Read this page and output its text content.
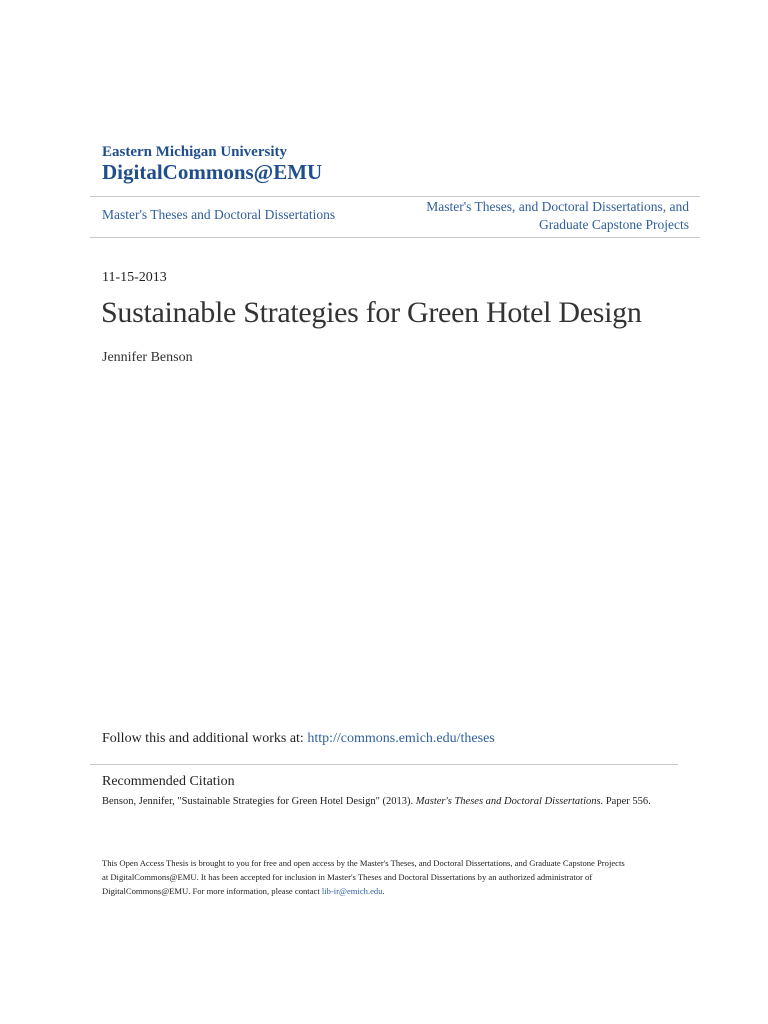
Eastern Michigan University
DigitalCommons@EMU
Master's Theses and Doctoral Dissertations
Master's Theses, and Doctoral Dissertations, and
Graduate Capstone Projects
11-15-2013
Sustainable Strategies for Green Hotel Design
Jennifer Benson
Follow this and additional works at: http://commons.emich.edu/theses
Recommended Citation
Benson, Jennifer, "Sustainable Strategies for Green Hotel Design" (2013). Master's Theses and Doctoral Dissertations. Paper 556.
This Open Access Thesis is brought to you for free and open access by the Master's Theses, and Doctoral Dissertations, and Graduate Capstone Projects
at DigitalCommons@EMU. It has been accepted for inclusion in Master's Theses and Doctoral Dissertations by an authorized administrator of
DigitalCommons@EMU. For more information, please contact lib-ir@emich.edu.
